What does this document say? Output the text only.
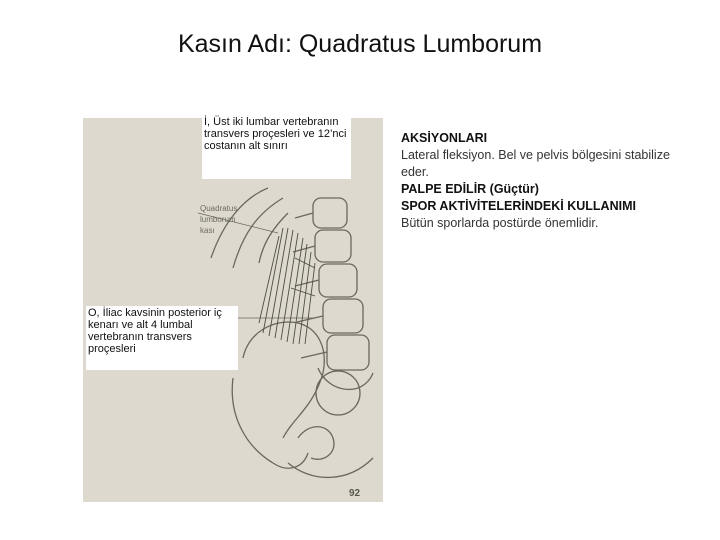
Kasın Adı: Quadratus Lumborum
Quadratus
lumborum
kası
92
İ, Üst iki lumbar vertebranın transvers proçesleri ve 12’nci costanın alt sınırı
O, İliac kavsinin posterior iç kenarı ve alt 4 lumbal vertebranın transvers proçesleri
AKSİYONLARI
Lateral fleksiyon. Bel ve pelvis bölgesini stabilize eder.
PALPE EDİLİR (Güçtür)
SPOR AKTİVİTELERİNDEKİ KULLANIMI
Bütün sporlarda postürde önemlidir.
